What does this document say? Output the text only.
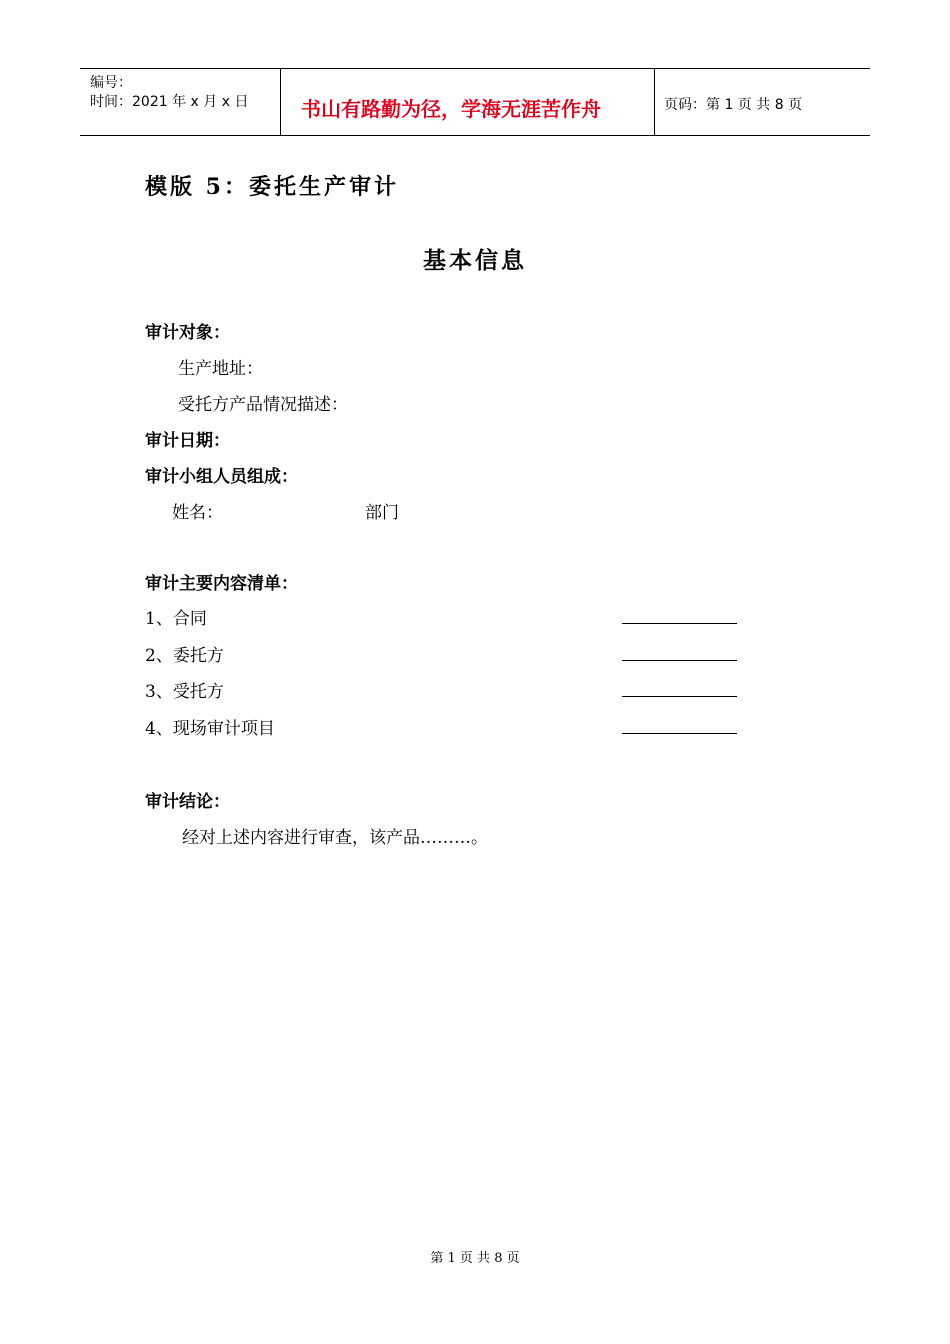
编号：
时间：2021 年 x 月 x 日	书山有路勤为径，学海无涯苦作舟	页码：第 1 页 共 8 页
模版 5：委托生产审计
基本信息
审计对象：
生产地址：
受托方产品情况描述：
审计日期：
审计小组人员组成：
姓名：	部门
审计主要内容清单：
1、合同
2、委托方
3、受托方
4、现场审计项目
审计结论：
经对上述内容进行审查，该产品………。
第 1 页 共 8 页
